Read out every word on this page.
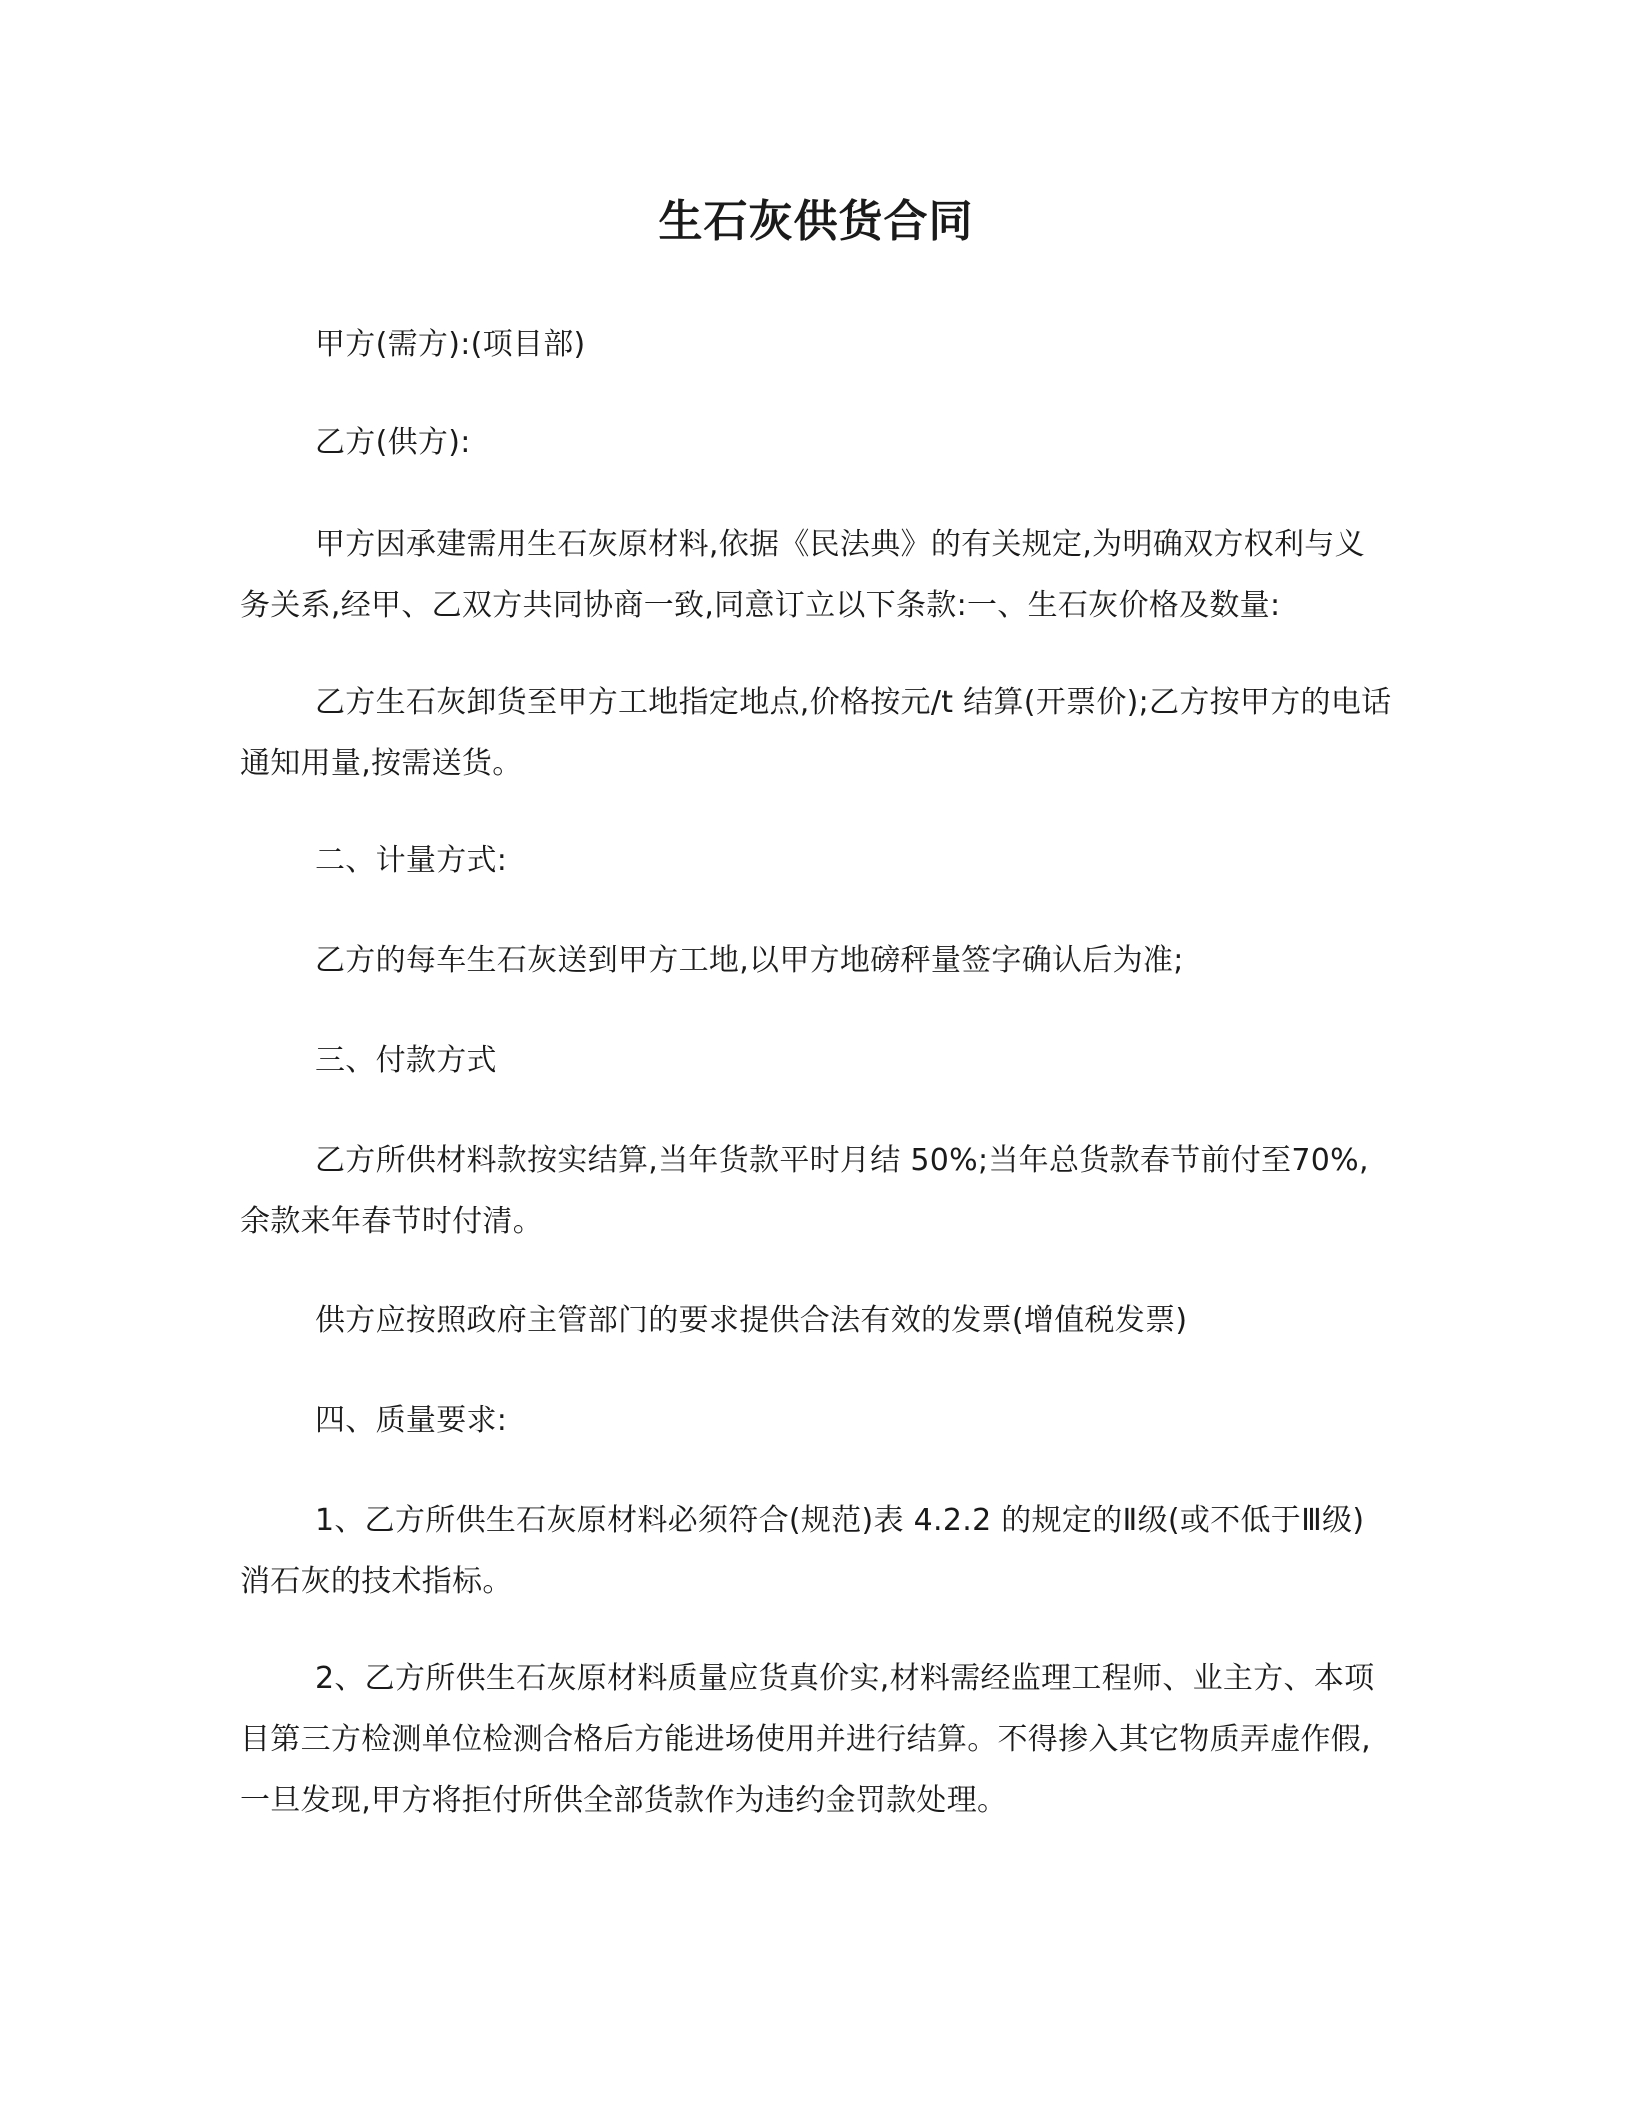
生石灰供货合同

甲方(需方):(项目部)

乙方(供方):

甲方因承建需用生石灰原材料,依据《民法典》的有关规定,为明确双方权利与义务关系,经甲、乙双方共同协商一致,同意订立以下条款:一、生石灰价格及数量:

乙方生石灰卸货至甲方工地指定地点,价格按元/t 结算(开票价);乙方按甲方的电话通知用量,按需送货。

二、计量方式:

乙方的每车生石灰送到甲方工地,以甲方地磅秤量签字确认后为准;

三、付款方式

乙方所供材料款按实结算,当年货款平时月结 50%;当年总货款春节前付至70%,余款来年春节时付清。

供方应按照政府主管部门的要求提供合法有效的发票(增值税发票)

四、质量要求:

1、乙方所供生石灰原材料必须符合(规范)表 4.2.2 的规定的Ⅱ级(或不低于Ⅲ级)消石灰的技术指标。

2、乙方所供生石灰原材料质量应货真价实,材料需经监理工程师、业主方、本项目第三方检测单位检测合格后方能进场使用并进行结算。不得掺入其它物质弄虚作假,一旦发现,甲方将拒付所供全部货款作为违约金罚款处理。
